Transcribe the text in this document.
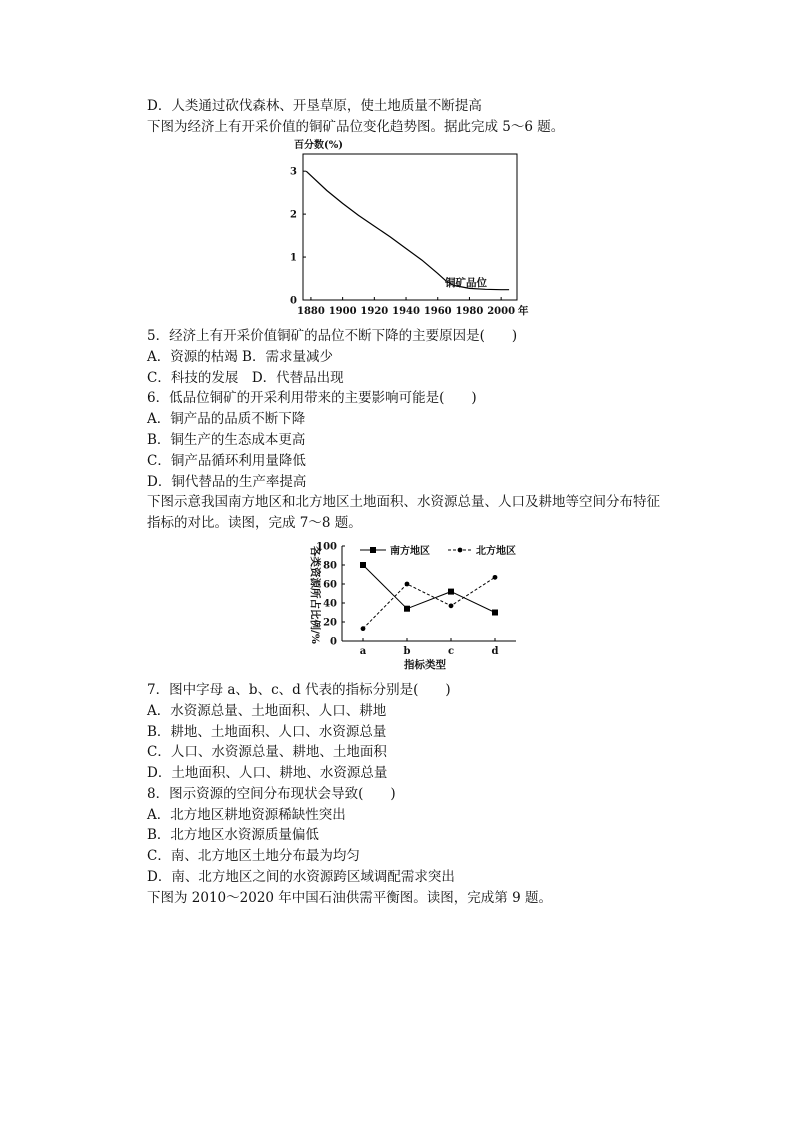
D．人类通过砍伐森林、开垦草原，使土地质量不断提高
下图为经济上有开采价值的铜矿品位变化趋势图。据此完成 5～6 题。
百分数(%)
0
1
2
3
1880 1900 1920 1940 1960 1980 2000
铜矿品位
年
5．经济上有开采价值铜矿的品位不断下降的主要原因是(　　)
A．资源的枯竭 B．需求量减少
C．科技的发展　D．代替品出现
6．低品位铜矿的开采利用带来的主要影响可能是(　　)
A．铜产品的品质不断下降
B．铜生产的生态成本更高
C．铜产品循环利用量降低
D．铜代替品的生产率提高
下图示意我国南方地区和北方地区土地面积、水资源总量、人口及耕地等空间分布特征
指标的对比。读图，完成 7～8 题。
各类资源所占比例/% 0
20
40
60
80
100
a	b	c	d
南方地区	北方地区
指标类型
7．图中字母 a、b、c、d 代表的指标分别是(　　)
A．水资源总量、土地面积、人口、耕地
B．耕地、土地面积、人口、水资源总量
C．人口、水资源总量、耕地、土地面积
D．土地面积、人口、耕地、水资源总量
8．图示资源的空间分布现状会导致(　　)
A．北方地区耕地资源稀缺性突出
B．北方地区水资源质量偏低
C．南、北方地区土地分布最为均匀
D．南、北方地区之间的水资源跨区域调配需求突出
下图为 2010～2020 年中国石油供需平衡图。读图，完成第 9 题。
